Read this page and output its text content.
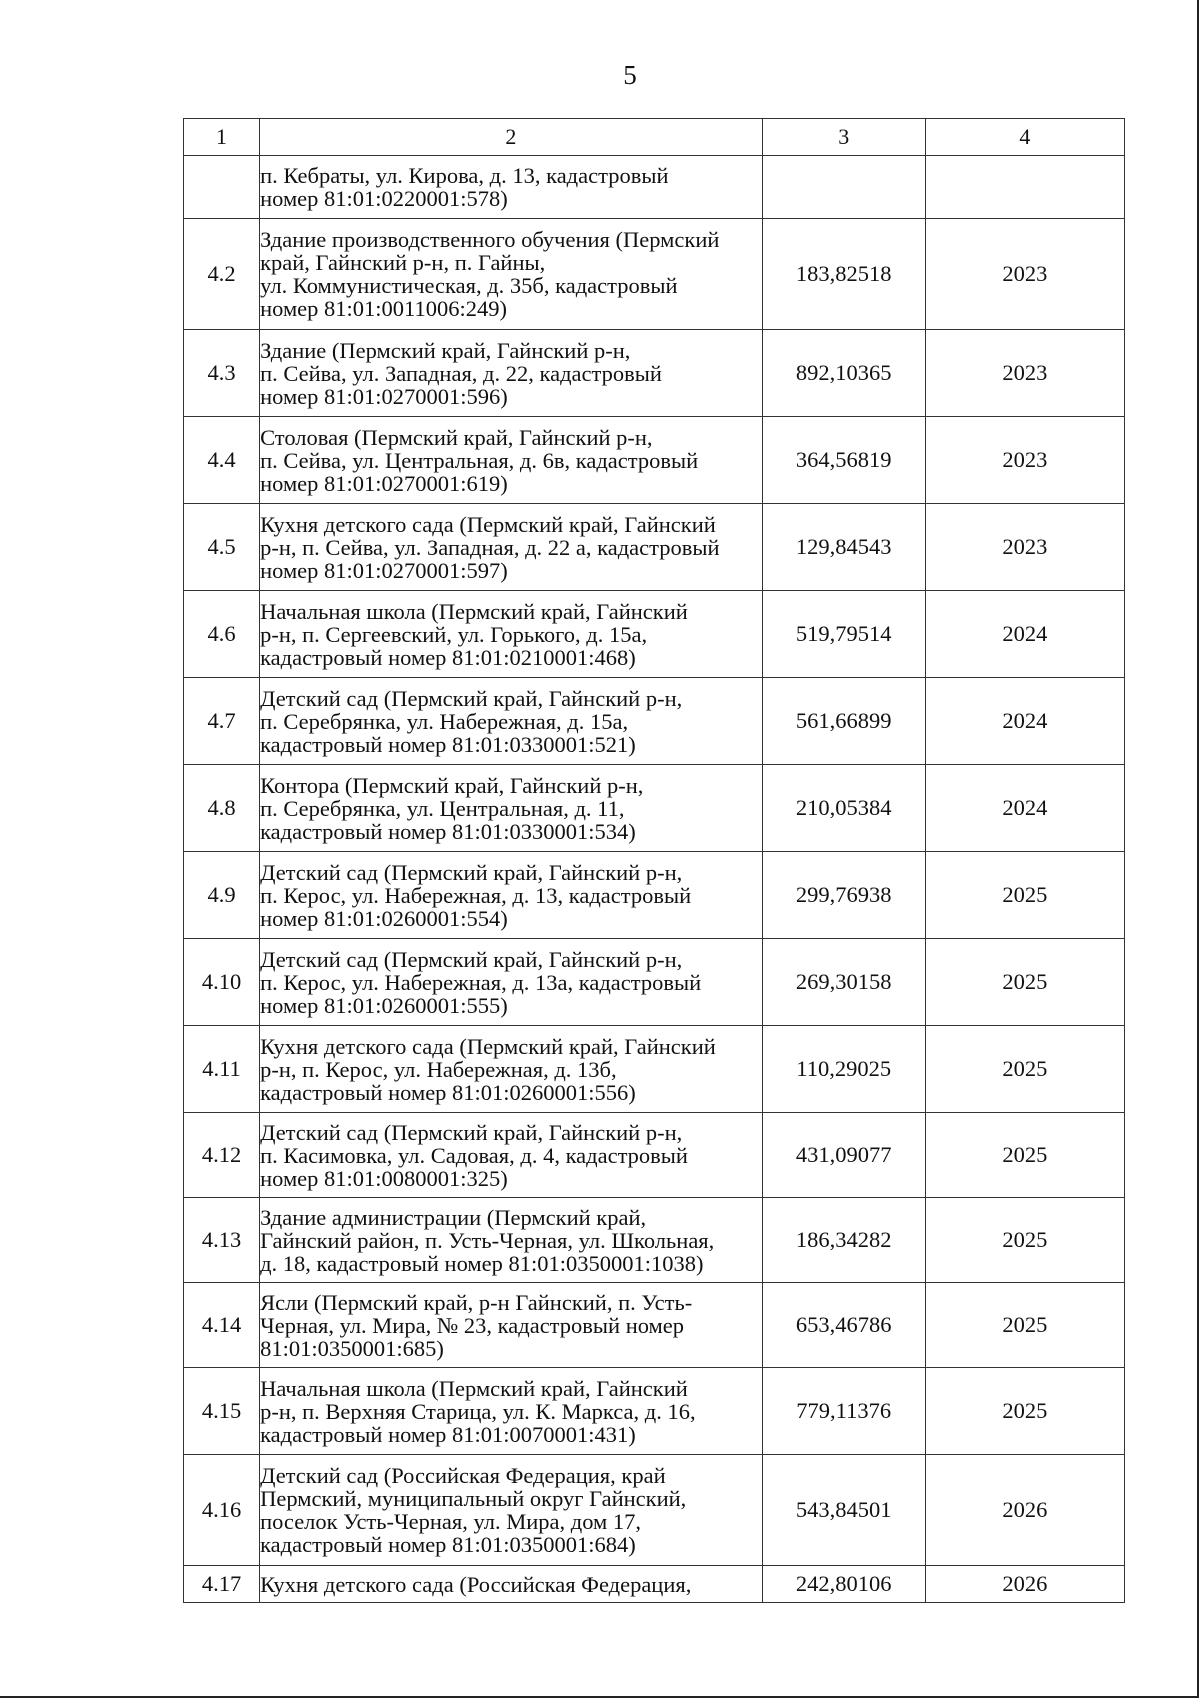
5
1	2	3	4
	п. Кебраты, ул. Кирова, д. 13, кадастровый
номер 81:01:0220001:578)		
4.2	Здание производственного обучения (Пермский
край, Гайнский р-н, п. Гайны,
ул. Коммунистическая, д. 35б, кадастровый
номер 81:01:0011006:249)	183,82518	2023
4.3	Здание (Пермский край, Гайнский р-н,
п. Сейва, ул. Западная, д. 22, кадастровый
номер 81:01:0270001:596)	892,10365	2023
4.4	Столовая (Пермский край, Гайнский р-н,
п. Сейва, ул. Центральная, д. 6в, кадастровый
номер 81:01:0270001:619)	364,56819	2023
4.5	Кухня детского сада (Пермский край, Гайнский
р-н, п. Сейва, ул. Западная, д. 22 а, кадастровый
номер 81:01:0270001:597)	129,84543	2023
4.6	Начальная школа (Пермский край, Гайнский
р-н, п. Сергеевский, ул. Горького, д. 15а,
кадастровый номер 81:01:0210001:468)	519,79514	2024
4.7	Детский сад (Пермский край, Гайнский р-н,
п. Серебрянка, ул. Набережная, д. 15а,
кадастровый номер 81:01:0330001:521)	561,66899	2024
4.8	Контора (Пермский край, Гайнский р-н,
п. Серебрянка, ул. Центральная, д. 11,
кадастровый номер 81:01:0330001:534)	210,05384	2024
4.9	Детский сад (Пермский край, Гайнский р-н,
п. Керос, ул. Набережная, д. 13, кадастровый
номер 81:01:0260001:554)	299,76938	2025
4.10	Детский сад (Пермский край, Гайнский р-н,
п. Керос, ул. Набережная, д. 13а, кадастровый
номер 81:01:0260001:555)	269,30158	2025
4.11	Кухня детского сада (Пермский край, Гайнский
р-н, п. Керос, ул. Набережная, д. 13б,
кадастровый номер 81:01:0260001:556)	110,29025	2025
4.12	Детский сад (Пермский край, Гайнский р-н,
п. Касимовка, ул. Садовая, д. 4, кадастровый
номер 81:01:0080001:325)	431,09077	2025
4.13	Здание администрации (Пермский край,
Гайнский район, п. Усть-Черная, ул. Школьная,
д. 18, кадастровый номер 81:01:0350001:1038)	186,34282	2025
4.14	Ясли (Пермский край, р-н Гайнский, п. Усть-
Черная, ул. Мира, № 23, кадастровый номер
81:01:0350001:685)	653,46786	2025
4.15	Начальная школа (Пермский край, Гайнский
р-н, п. Верхняя Старица, ул. К. Маркса, д. 16,
кадастровый номер 81:01:0070001:431)	779,11376	2025
4.16	Детский сад (Российская Федерация, край
Пермский, муниципальный округ Гайнский,
поселок Усть-Черная, ул. Мира, дом 17,
кадастровый номер 81:01:0350001:684)	543,84501	2026
4.17	Кухня детского сада (Российская Федерация,	242,80106	2026
